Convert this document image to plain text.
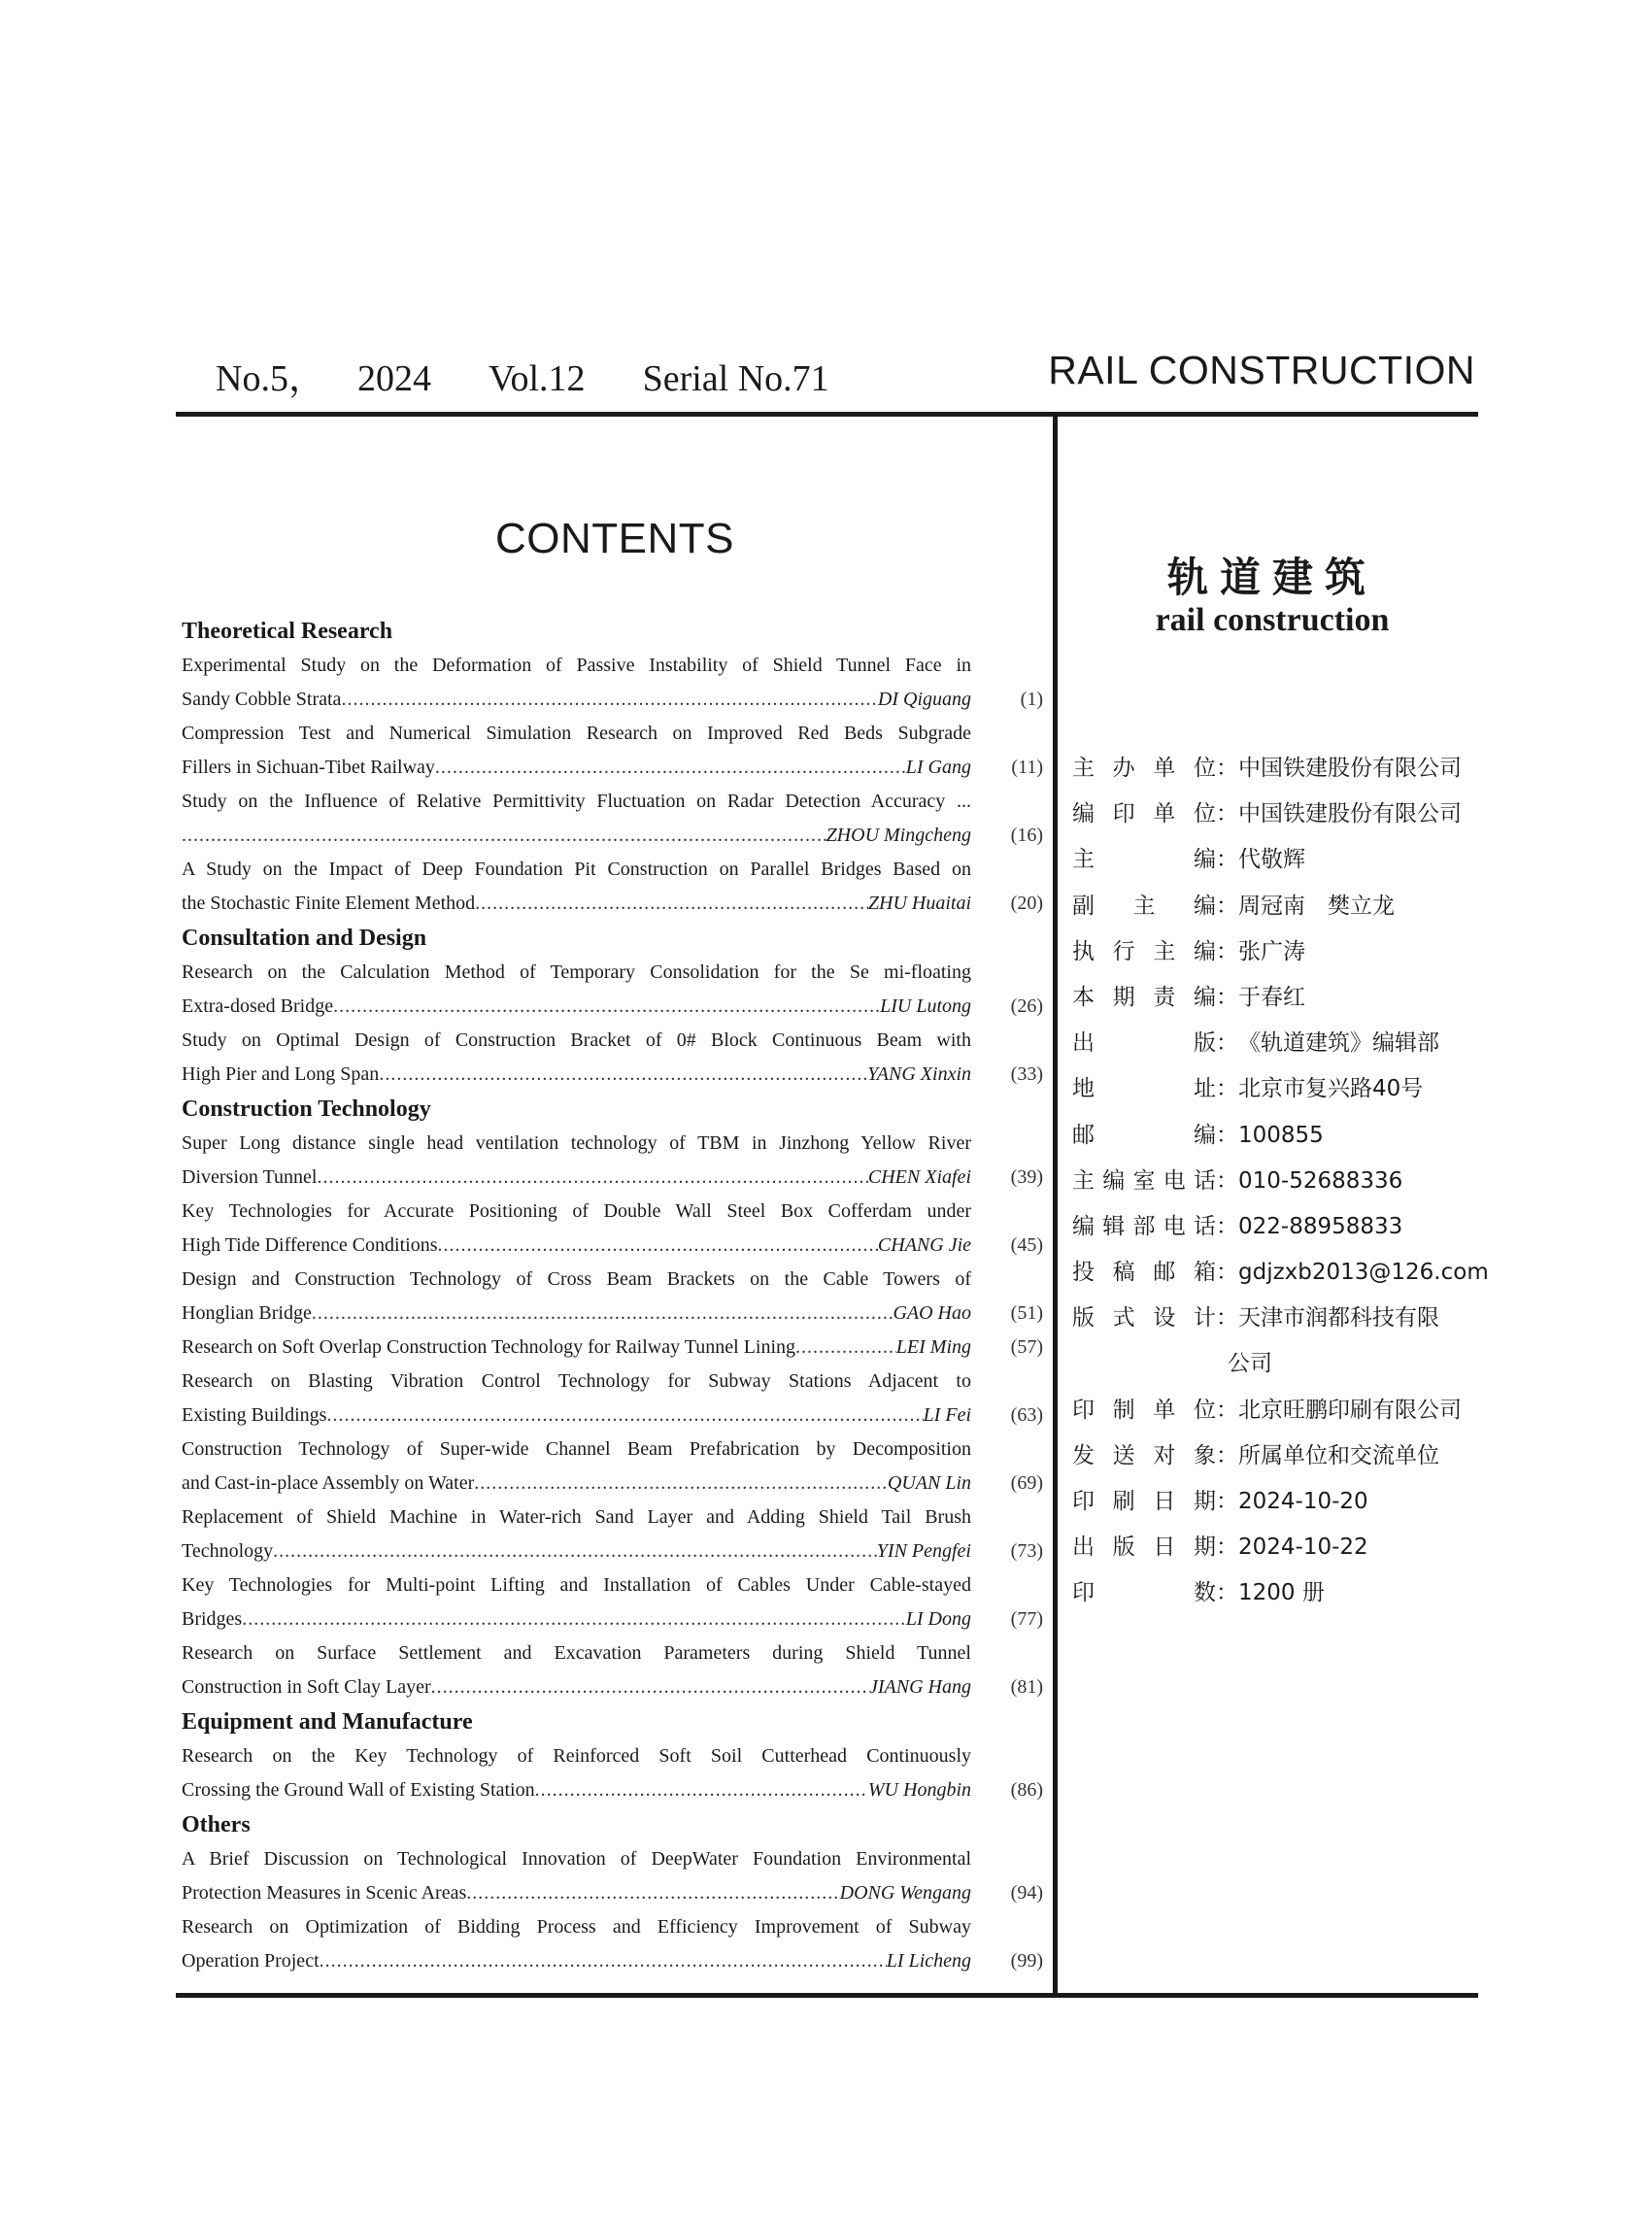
No.5， 2024 Vol.12 Serial No.71	RAIL CONSTRUCTION
CONTENTS
Theoretical Research
Experimental Study on the Deformation of Passive Instability of Shield Tunnel Face in
Sandy Cobble Strata .....	DI Qiguang	(1)
Compression Test and Numerical Simulation Research on Improved Red Beds Subgrade
Fillers in Sichuan-Tibet Railway .....	LI Gang	(11)
Study on the Influence of Relative Permittivity Fluctuation on Radar Detection Accuracy ...
.....
ZHOU Mingcheng	(16)
A Study on the Impact of Deep Foundation Pit Construction on Parallel Bridges Based on
the Stochastic Finite Element Method .....	ZHU Huaitai	(20)
Consultation and Design
Research on the Calculation Method of Temporary Consolidation for the Se mi-floating
Extra-dosed Bridge .....	LIU Lutong	(26)
Study on Optimal Design of Construction Bracket of 0# Block Continuous Beam with
High Pier and Long Span .....	YANG Xinxin	(33)
Construction Technology
Super Long distance single head ventilation technology of TBM in Jinzhong Yellow River
Diversion Tunnel .....	CHEN Xiafei	(39)
Key Technologies for Accurate Positioning of Double Wall Steel Box Cofferdam under
High Tide Difference Conditions .....	CHANG Jie	(45)
Design and Construction Technology of Cross Beam Brackets on the Cable Towers of
Honglian Bridge .....	GAO Hao	(51)
Research on Soft Overlap Construction Technology for Railway Tunnel Lining .....	LEI Ming	(57)
Research on Blasting Vibration Control Technology for Subway Stations Adjacent to
Existing Buildings .....	LI Fei	(63)
Construction Technology of Super-wide Channel Beam Prefabrication by Decomposition
and Cast-in-place Assembly on Water .....	QUAN Lin	(69)
Replacement of Shield Machine in Water-rich Sand Layer and Adding Shield Tail Brush
Technology .....	YIN Pengfei	(73)
Key Technologies for Multi-point Lifting and Installation of Cables Under Cable-stayed
Bridges .....	LI Dong	(77)
Research on Surface Settlement and Excavation Parameters during Shield Tunnel
Construction in Soft Clay Layer .....	JIANG Hang	(81)
Equipment and Manufacture
Research on the Key Technology of Reinforced Soft Soil Cutterhead Continuously
Crossing the Ground Wall of Existing Station .....	WU Hongbin	(86)
Others
A Brief Discussion on Technological Innovation of DeepWater Foundation Environmental
Protection Measures in Scenic Areas .....	DONG Wengang	(94)
Research on Optimization of Bidding Process and Efficiency Improvement of Subway
Operation Project .....	LI Licheng	(99)
轨道建筑
rail construction
主办单位 ： 中国铁建股份有限公司
编印单位 ： 中国铁建股份有限公司
主　　编 ： 代敬辉
副 主 编 ： 周冠南　樊立龙
执行主编 ： 张广涛
本期责编 ： 于春红
出　　版 ： 《轨道建筑》编辑部
地　　址 ： 北京市复兴路40号
邮　　编 ： 100855
主编室电话 ： 010-52688336
编辑部电话 ： 022-88958833
投稿邮箱 ： gdjzxb2013@126.com
版式设计 ： 天津市润都科技有限
公司
印制单位 ： 北京旺鹏印刷有限公司
发送对象 ： 所属单位和交流单位
印刷日期 ： 2024-10-20
出版日期 ： 2024-10-22
印　　数 ： 1200 册
